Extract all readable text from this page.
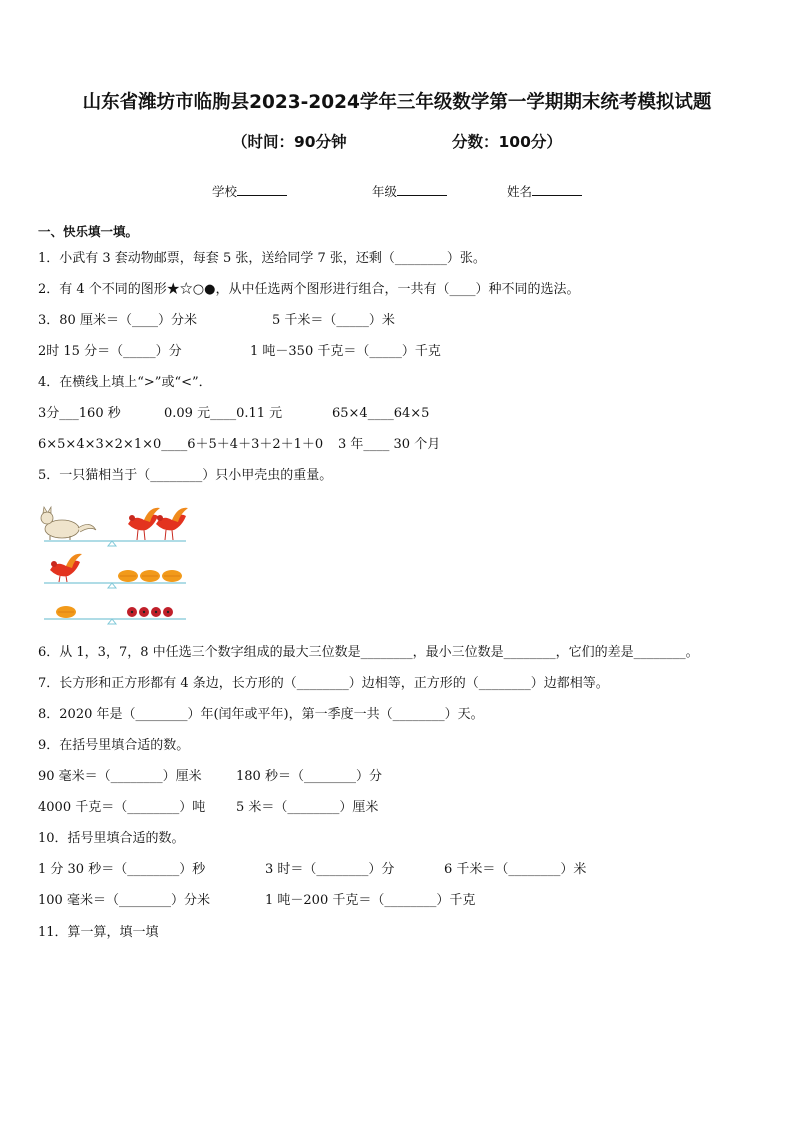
山东省潍坊市临朐县2023-2024学年三年级数学第一学期期末统考模拟试题
（时间：90分钟	分数：100分）
学校	年级	姓名
一、快乐填一填。
1．小武有 3 套动物邮票，每套 5 张，送给同学 7 张，还剩（________）张。
2．有 4 个不同的图形★☆○●，从中任选两个图形进行组合，一共有（____）种不同的选法。
3．80 厘米＝（____）分米	5 千米＝（_____）米
2时 15 分＝（_____）分	1 吨－350 千克＝（_____）千克
4．在横线上填上“>”或“<”．
3分___160 秒	0.09 元____0.11 元	65×4____64×5
6×5×4×3×2×1×0____6＋5＋4＋3＋2＋1＋0 3 年____ 30 个月
5．一只猫相当于（________）只小甲壳虫的重量。
6．从 1，3，7，8 中任选三个数字组成的最大三位数是________，最小三位数是________，它们的差是________。
7．长方形和正方形都有 4 条边，长方形的（________）边相等，正方形的（________）边都相等。
8．2020 年是（________）年(闰年或平年)，第一季度一共（________）天。
9．在括号里填合适的数。
90 毫米＝（________）厘米	180 秒＝（________）分
4000 千克＝（________）吨 5 米＝（________）厘米
10．括号里填合适的数。
1 分 30 秒＝（________）秒	3 时＝（________）分	6 千米＝（________）米
100 毫米＝（________）分米	1 吨－200 千克＝（________）千克
11．算一算，填一填
